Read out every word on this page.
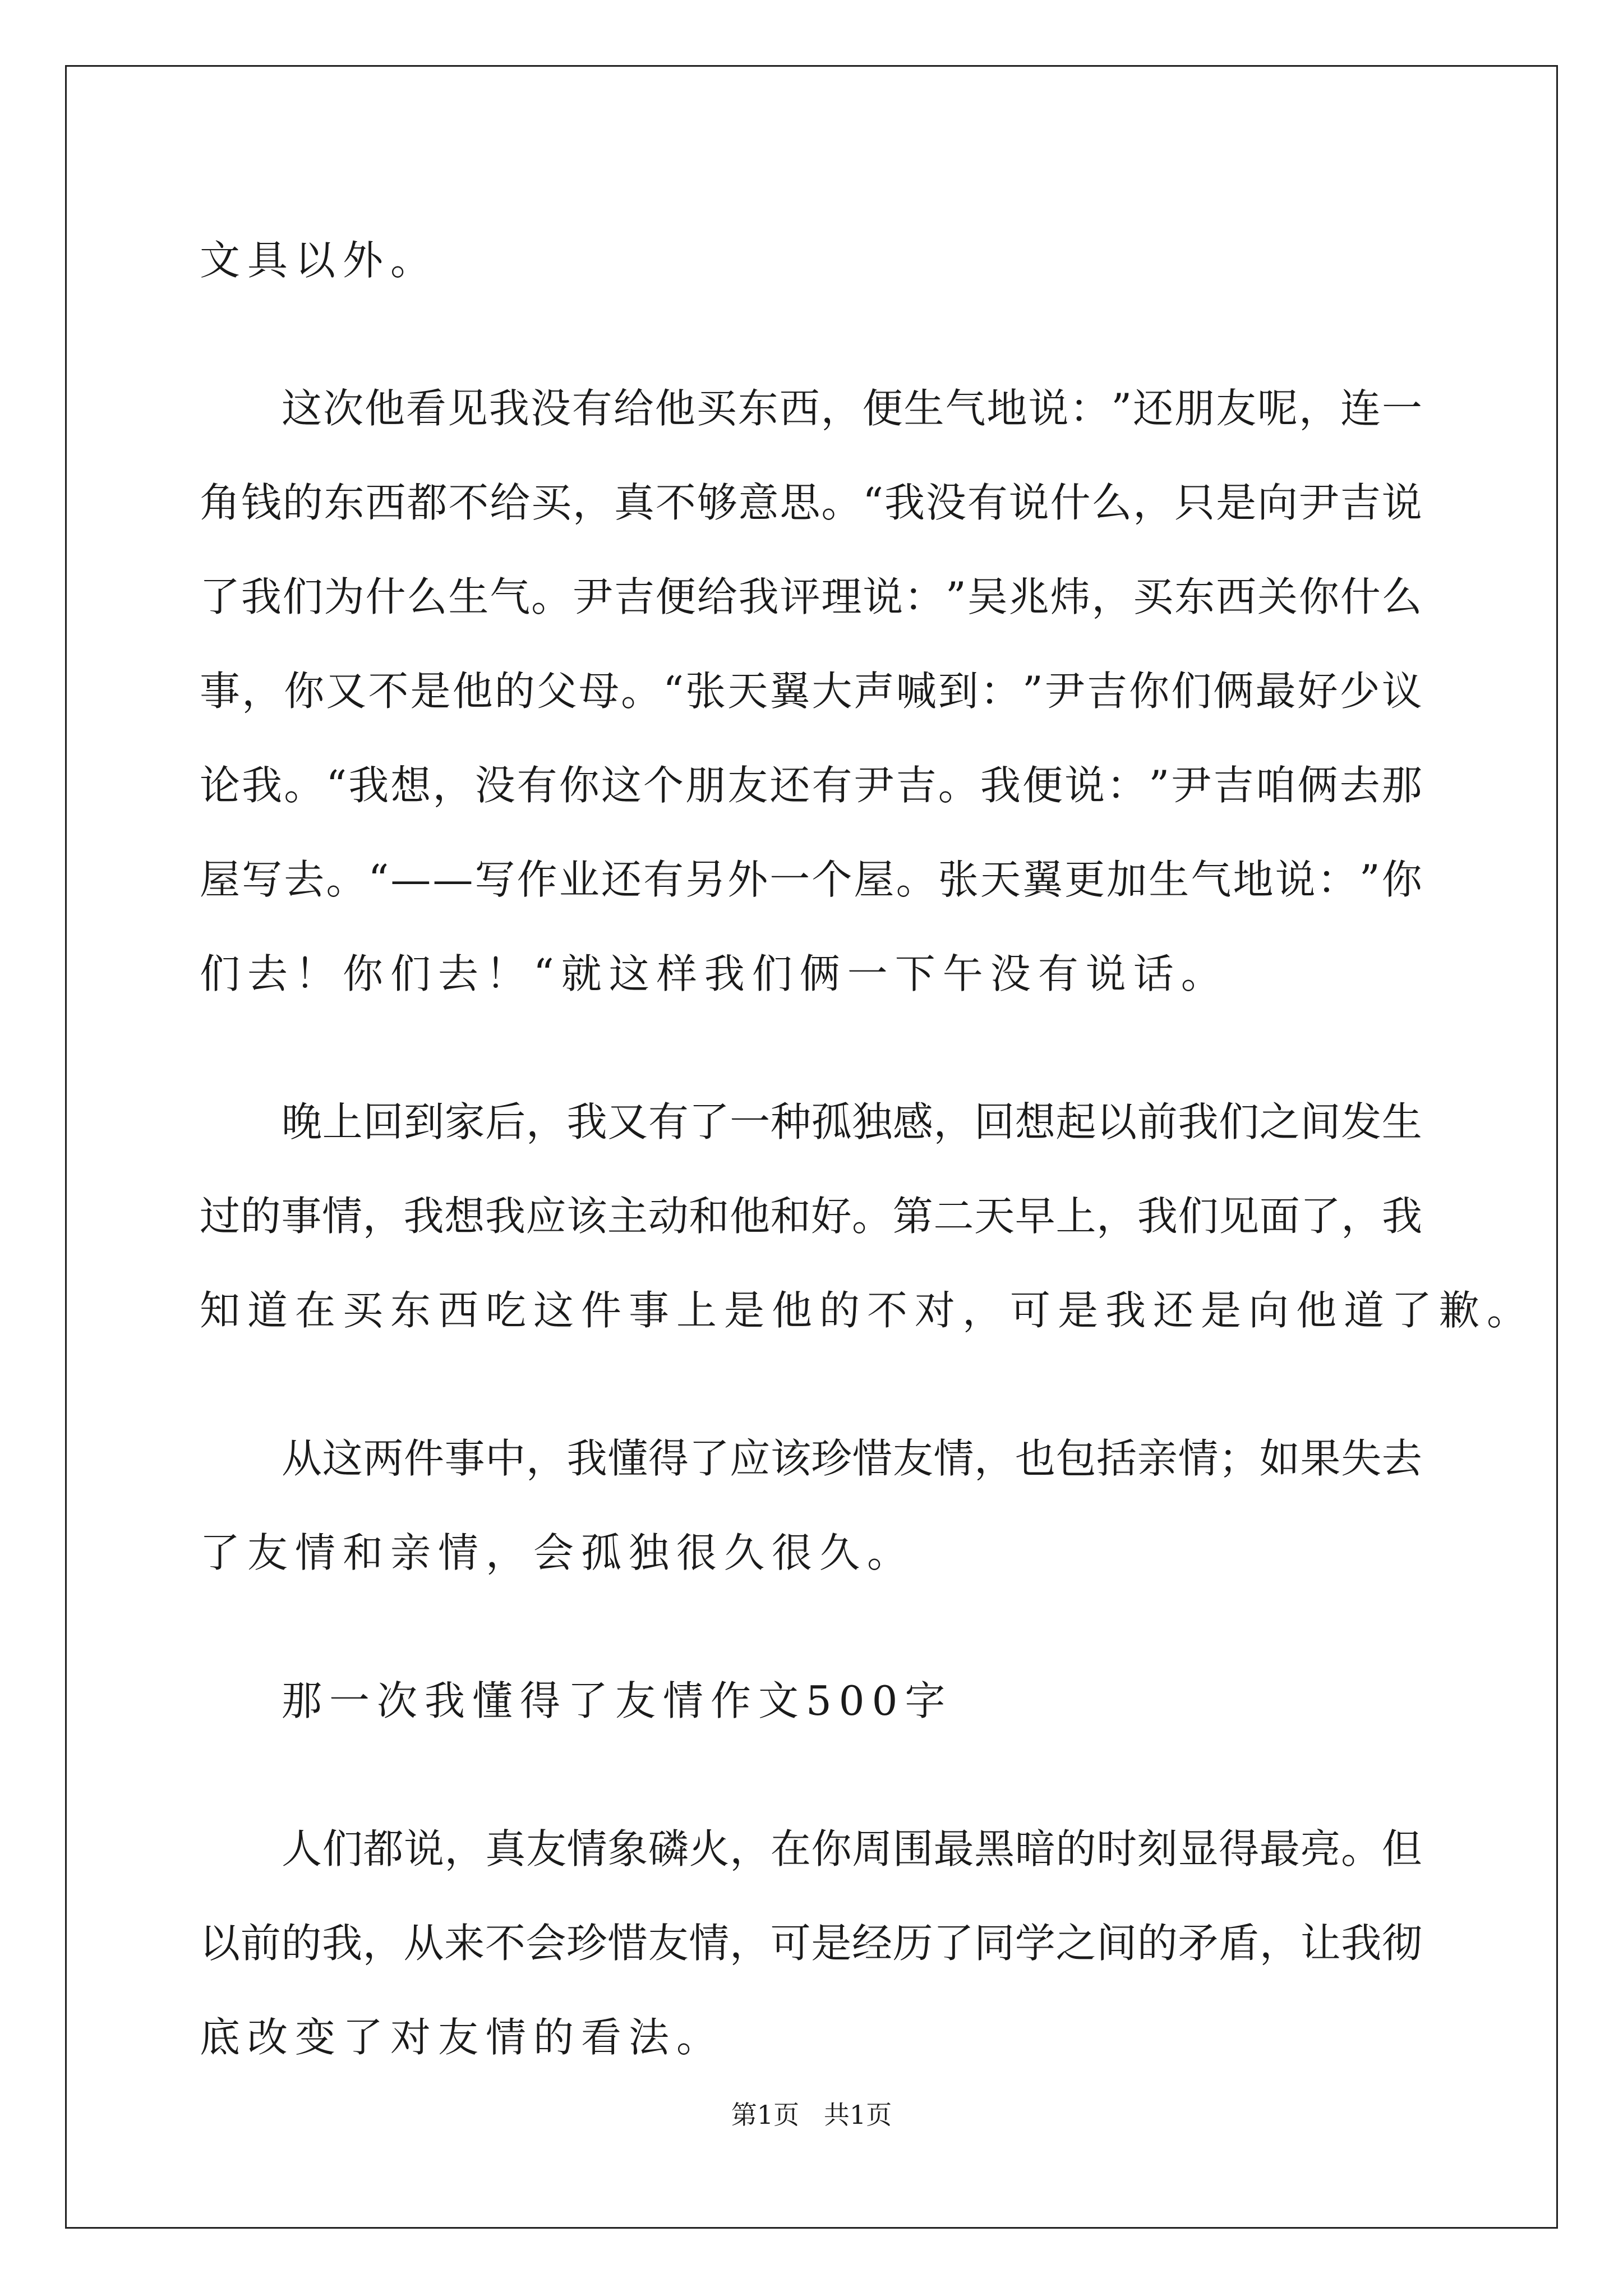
文具以外。
这 次 他 看 见 我 没 有 给 他 买 东 西 ， 便 生 气 地 说 ： ” 还 朋 友 呢 ， 连 一
角 钱 的 东 西 都 不 给 买 ， 真 不 够 意 思 。 “ 我 没 有 说 什 么 ， 只 是 向 尹 吉 说
了 我 们 为 什 么 生 气 。 尹 吉 便 给 我 评 理 说 ： ” 吴 兆 炜 ， 买 东 西 关 你 什 么
事 ， 你 又 不 是 他 的 父 母 。 “ 张 天 翼 大 声 喊 到 ： ” 尹 吉 你 们 俩 最 好 少 议
论 我 。 “ 我 想 ， 没 有 你 这 个 朋 友 还 有 尹 吉 。 我 便 说 ： ” 尹 吉 咱 俩 去 那
屋 写 去 。 “ — — 写 作 业 还 有 另 外 一 个 屋 。 张 天 翼 更 加 生 气 地 说 ： ” 你
们去！你们去！“就这样我们俩一下午没有说话。
晚 上 回 到 家 后 ， 我 又 有 了 一 种 孤 独 感 ， 回 想 起 以 前 我 们 之 间 发 生
过 的 事 情 ， 我 想 我 应 该 主 动 和 他 和 好 。 第 二 天 早 上 ， 我 们 见 面 了 ， 我
知道在买东西吃这件事上是他的不对，可是我还是向他道了歉。
从 这 两 件 事 中 ， 我 懂 得 了 应 该 珍 惜 友 情 ， 也 包 括 亲 情 ； 如 果 失 去
了友情和亲情，会孤独很久很久。
那一次我懂得了友情作文500字
人 们 都 说 ， 真 友 情 象 磷 火 ， 在 你 周 围 最 黑 暗 的 时 刻 显 得 最 亮 。 但
以 前 的 我 ， 从 来 不 会 珍 惜 友 情 ， 可 是 经 历 了 同 学 之 间 的 矛 盾 ， 让 我 彻
底改变了对友情的看法。
第1页   共1页
